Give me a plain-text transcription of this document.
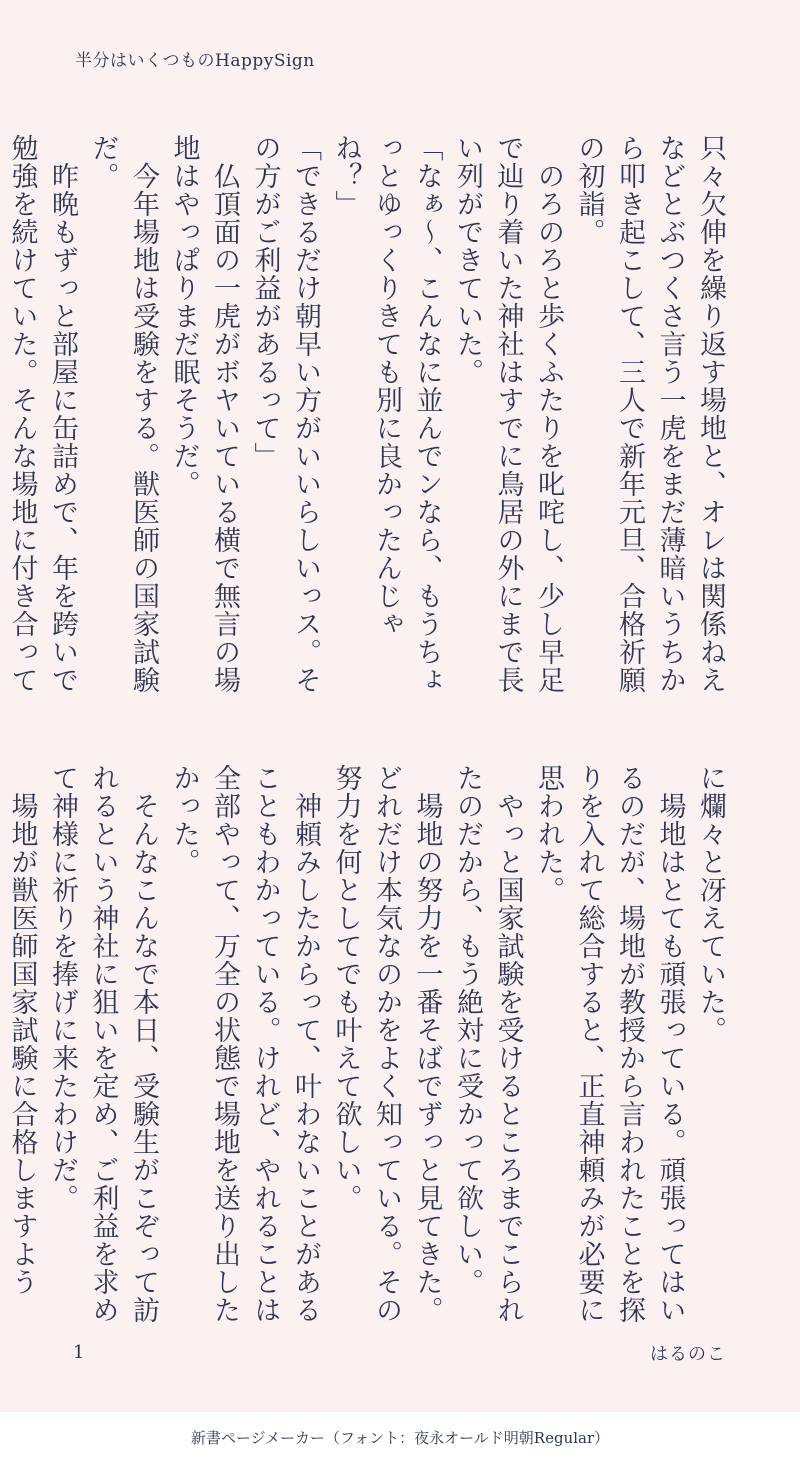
半分はいくつものHappySign

只々欠伸を繰り返す場地と、オレは関係ねえなどとぶつくさ言う一虎をまだ薄暗いうちから叩き起こして、三人で新年元旦、合格祈願の初詣。

　のろのろと歩くふたりを叱咤し、少し早足で辿り着いた神社はすでに鳥居の外にまで長い列ができていた。

「なぁ〜、こんなに並んでンなら、もうちょっとゆっくりきても別に良かったんじゃね？」

「できるだけ朝早い方がいいらしいっス。その方がご利益があるって」

　仏頂面の一虎がボヤいている横で無言の場地はやっぱりまだ眠そうだ。

　今年場地は受験をする。獣医師の国家試験だ。

　昨晩もずっと部屋に缶詰めで、年を跨いで勉強を続けていた。そんな場地に付き合って

に爛々と冴えていた。

　場地はとても頑張っている。頑張ってはいるのだが、場地が教授から言われたことを探りを入れて総合すると、正直神頼みが必要に思われた。

　やっと国家試験を受けるところまでこられたのだから、もう絶対に受かって欲しい。

　場地の努力を一番そばでずっと見てきた。どれだけ本気なのかをよく知っている。その努力を何としてでも叶えて欲しい。

　神頼みしたからって、叶わないことがあることもわかっている。けれど、やれることは全部やって、万全の状態で場地を送り出したかった。

　そんなこんなで本日、受験生がこぞって訪れるという神社に狙いを定め、ご利益を求めて神様に祈りを捧げに来たわけだ。

　場地が獣医師国家試験に合格しますよう

1	はるのこ
新書ページメーカー（フォント：夜永オールド明朝Regular）
